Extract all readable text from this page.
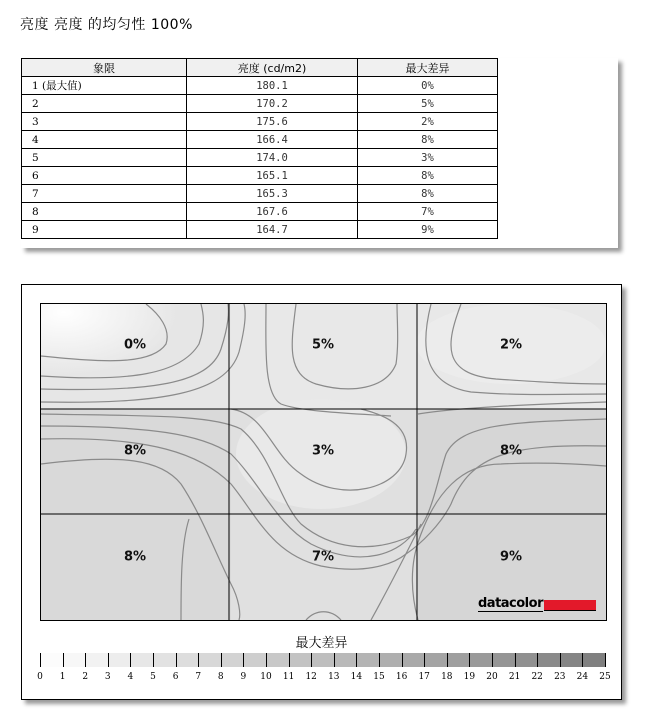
亮度 亮度 的均匀性 100%
象限	亮度 (cd/m2)	最大差异
1 (最大值)	180.1	0%
2	170.2	5%
3	175.6	2%
4	166.4	8%
5	174.0	3%
6	165.1	8%
7	165.3	8%
8	167.6	7%
9	164.7	9%
0%	5%	2%
8%	3%	8%
8%	7%	9%
datacolor
最大差异
0 1 2 3 4 5 6 7 8 9 10 11 12 13 14 15 16 17 18 19 20 21 22 23 24 25
